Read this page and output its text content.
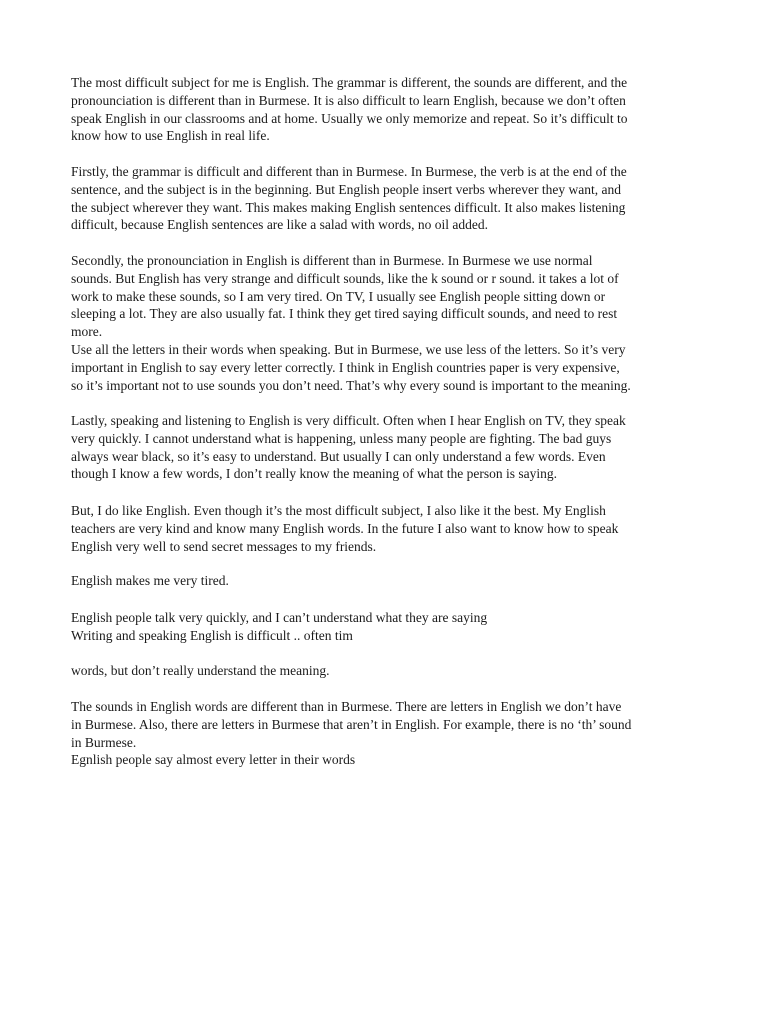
The most difficult subject for me is English. The grammar is different, the sounds are different, and the
pronounciation is different than in Burmese. It is also difficult to learn English, because we don’t often
speak English in our classrooms and at home. Usually we only memorize and repeat. So it’s difficult to
know how to use English in real life.
Firstly, the grammar is difficult and different than in Burmese. In Burmese, the verb is at the end of the
sentence, and the subject is in the beginning. But English people insert verbs wherever they want, and
the subject wherever they want. This makes making English sentences difficult. It also makes listening
difficult, because English sentences are like a salad with words, no oil added.
Secondly, the pronounciation in English is different than in Burmese. In Burmese we use normal
sounds. But English has very strange and difficult sounds, like the k sound or r sound. it takes a lot of
work to make these sounds, so I am very tired. On TV, I usually see English people sitting down or
sleeping a lot. They are also usually fat. I think they get tired saying difficult sounds, and need to rest
more.
Use all the letters in their words when speaking. But in Burmese, we use less of the letters. So it’s very
important in English to say every letter correctly. I think in English countries paper is very expensive,
so it’s important not to use sounds you don’t need. That’s why every sound is important to the meaning.
Lastly, speaking and listening to English is very difficult. Often when I hear English on TV, they speak
very quickly. I cannot understand what is happening, unless many people are fighting. The bad guys
always wear black, so it’s easy to understand. But usually I can only understand a few words. Even
though I know a few words, I don’t really know the meaning of what the person is saying.
But, I do like English. Even though it’s the most difficult subject, I also like it the best. My English
teachers are very kind and know many English words. In the future I also want to know how to speak
English very well to send secret messages to my friends.
English makes me very tired.
English people talk very quickly, and I can’t understand what they are saying
Writing and speaking English is difficult .. often tim
words, but don’t really understand the meaning.
The sounds in English words are different than in Burmese. There are letters in English we don’t have
in Burmese. Also, there are letters in Burmese that aren’t in English. For example, there is no ‘th’ sound
in Burmese.
Egnlish people say almost every letter in their words
